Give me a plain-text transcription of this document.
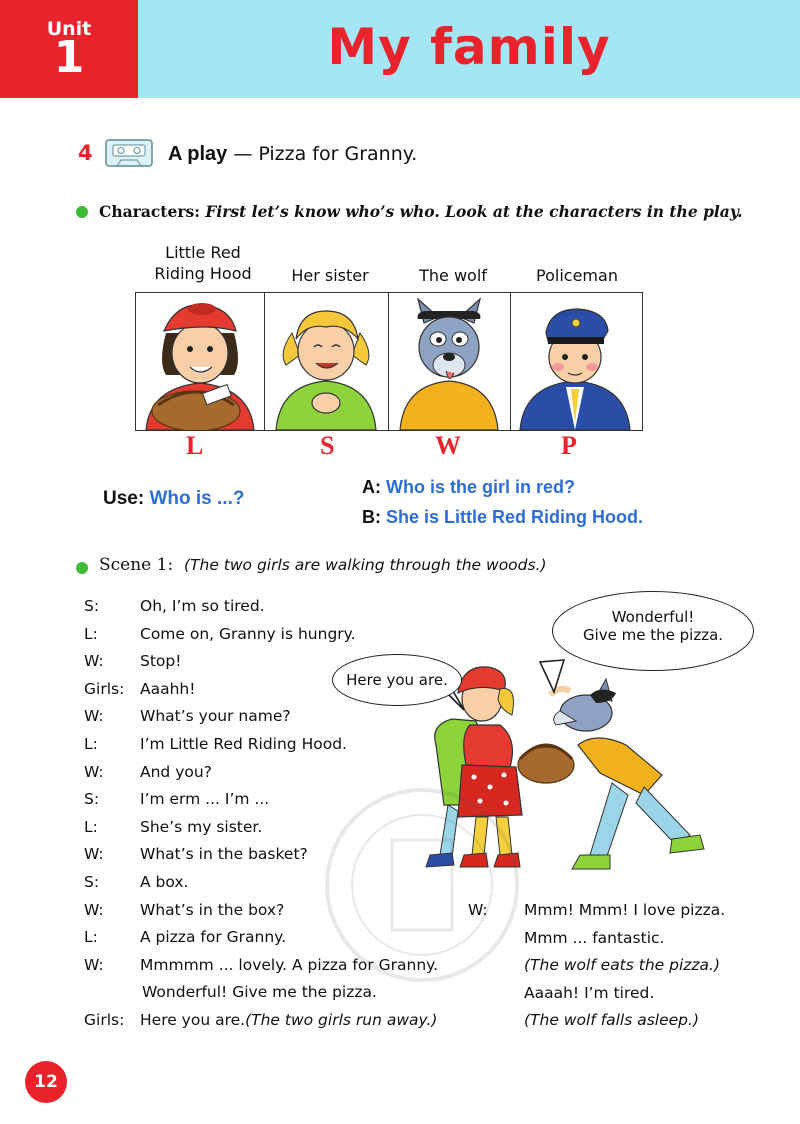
Unit
1	My family
4	A play — Pizza for Granny.
Characters: First let’s know who’s who. Look at the characters in the play.
Little Red
Riding Hood	Her sister	The wolf	Policeman
L	S	W	P
Use: Who is ...?
A: Who is the girl in red?
B: She is Little Red Riding Hood.
Scene 1: (The two girls are walking through the woods.)
S:	Oh, I’m so tired.
L:	Come on, Granny is hungry.
W: Stop!
Girls: Aaahh!
W: What’s your name?
L:	I’m Little Red Riding Hood.
W: And you?
S:	I’m erm ... I’m ...
L:	She’s my sister.
W: What’s in the basket?
S:	A box.
W: What’s in the box?
L:	A pizza for Granny.
W: Mmmmm ... lovely. A pizza for Granny.
Wonderful! Give me the pizza.
Girls: Here you are.(The two girls run away.)
Wonderful!
Give me the pizza.
Here you are.
W: Mmm! Mmm! I love pizza.
Mmm ... fantastic.
(The wolf eats the pizza.)
Aaaah! I’m tired.
(The wolf falls asleep.)
12
